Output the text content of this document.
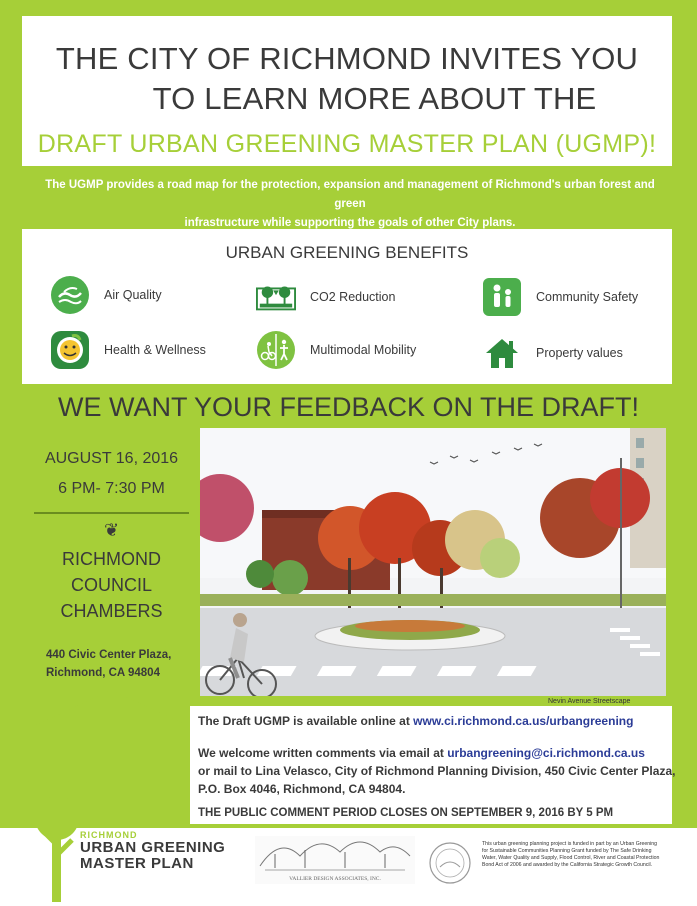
THE CITY OF RICHMOND INVITES YOU
TO LEARN MORE ABOUT THE
DRAFT URBAN GREENING MASTER PLAN (UGMP)!
The UGMP provides a road map for the protection, expansion and management of Richmond's urban forest and green
infrastructure while supporting the goals of other City plans.
URBAN GREENING BENEFITS
Air Quality	CO2 Reduction	Community Safety
Health & Wellness	Multimodal Mobility	Property values
WE WANT YOUR FEEDBACK ON THE DRAFT!
AUGUST 16, 2016
6 PM- 7:30 PM
❦
RICHMOND
COUNCIL
CHAMBERS
440 Civic Center Plaza,
Richmond, CA 94804
Nevin Avenue Streetscape
The Draft UGMP is available online at www.ci.richmond.ca.us/urbangreening
We welcome written comments via email at urbangreening@ci.richmond.ca.us
or mail to Lina Velasco, City of Richmond Planning Division, 450 Civic Center Plaza,
P.O. Box 4046, Richmond, CA 94804.
THE PUBLIC COMMENT PERIOD CLOSES ON SEPTEMBER 9, 2016 BY 5 PM
RICHMOND
URBAN GREENING
MASTER PLAN
VALLIER DESIGN ASSOCIATES, INC.
This urban greening planning project is funded in part by an Urban Greening for Sustainable Communities Planning Grant funded by The Safe Drinking Water, Water Quality and Supply, Flood Control, River and Coastal Protection Bond Act of 2006 and awarded by the California Strategic Growth Council.
